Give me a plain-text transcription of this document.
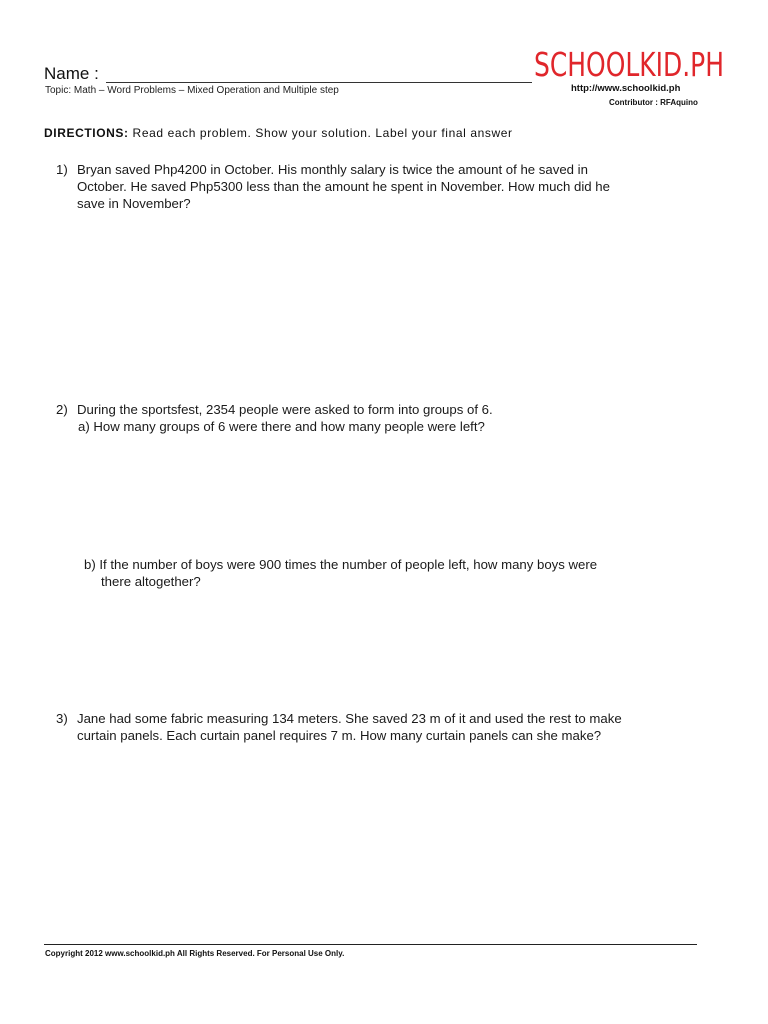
Name :
Topic: Math – Word Problems – Mixed Operation and Multiple step
SCHOOLKID.PH
http://www.schoolkid.ph
Contributor : RFAquino
DIRECTIONS: Read each problem. Show your solution. Label your final answer
1) Bryan saved Php4200 in October. His monthly salary is twice the amount of he saved in
October. He saved Php5300 less than the amount he spent in November. How much did he
save in November?
2) During the sportsfest, 2354 people were asked to form into groups of 6.
a) How many groups of 6 were there and how many people were left?
b) If the number of boys were 900 times the number of people left, how many boys were
there altogether?
3) Jane had some fabric measuring 134 meters. She saved 23 m of it and used the rest to make
curtain panels. Each curtain panel requires 7 m. How many curtain panels can she make?
Copyright 2012 www.schoolkid.ph All Rights Reserved. For Personal Use Only.
